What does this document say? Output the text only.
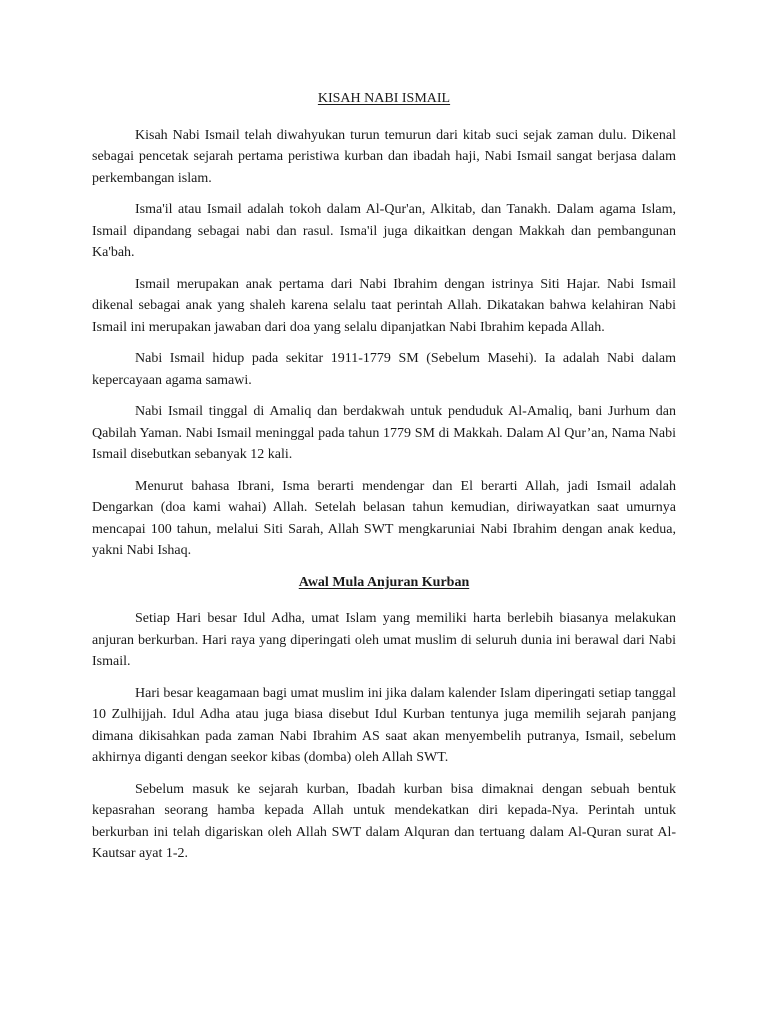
KISAH NABI ISMAIL

Kisah Nabi Ismail telah diwahyukan turun temurun dari kitab suci sejak zaman dulu. Dikenal sebagai pencetak sejarah pertama peristiwa kurban dan ibadah haji, Nabi Ismail sangat berjasa dalam perkembangan islam.

Isma'il atau Ismail adalah tokoh dalam Al-Qur'an, Alkitab, dan Tanakh. Dalam agama Islam, Ismail dipandang sebagai nabi dan rasul. Isma'il juga dikaitkan dengan Makkah dan pembangunan Ka'bah.

Ismail merupakan anak pertama dari Nabi Ibrahim dengan istrinya Siti Hajar. Nabi Ismail dikenal sebagai anak yang shaleh karena selalu taat perintah Allah. Dikatakan bahwa kelahiran Nabi Ismail ini merupakan jawaban dari doa yang selalu dipanjatkan Nabi Ibrahim kepada Allah.

Nabi Ismail hidup pada sekitar 1911-1779 SM (Sebelum Masehi). Ia adalah Nabi dalam kepercayaan agama samawi.

Nabi Ismail tinggal di Amaliq dan berdakwah untuk penduduk Al-Amaliq, bani Jurhum dan Qabilah Yaman. Nabi Ismail meninggal pada tahun 1779 SM di Makkah. Dalam Al Qur’an, Nama Nabi Ismail disebutkan sebanyak 12 kali.

Menurut bahasa Ibrani, Isma berarti mendengar dan El berarti Allah, jadi Ismail adalah Dengarkan (doa kami wahai) Allah. Setelah belasan tahun kemudian, diriwayatkan saat umurnya mencapai 100 tahun, melalui Siti Sarah, Allah SWT mengkaruniai Nabi Ibrahim dengan anak kedua, yakni Nabi Ishaq.

Awal Mula Anjuran Kurban

Setiap Hari besar Idul Adha, umat Islam yang memiliki harta berlebih biasanya melakukan anjuran berkurban. Hari raya yang diperingati oleh umat muslim di seluruh dunia ini berawal dari Nabi Ismail.

Hari besar keagamaan bagi umat muslim ini jika dalam kalender Islam diperingati setiap tanggal 10 Zulhijjah. Idul Adha atau juga biasa disebut Idul Kurban tentunya juga memilih sejarah panjang dimana dikisahkan pada zaman Nabi Ibrahim AS saat akan menyembelih putranya, Ismail, sebelum akhirnya diganti dengan seekor kibas (domba) oleh Allah SWT.

Sebelum masuk ke sejarah kurban, Ibadah kurban bisa dimaknai dengan sebuah bentuk kepasrahan seorang hamba kepada Allah untuk mendekatkan diri kepada-Nya. Perintah untuk berkurban ini telah digariskan oleh Allah SWT dalam Alquran dan tertuang dalam Al-Quran surat Al-Kautsar ayat 1-2.
